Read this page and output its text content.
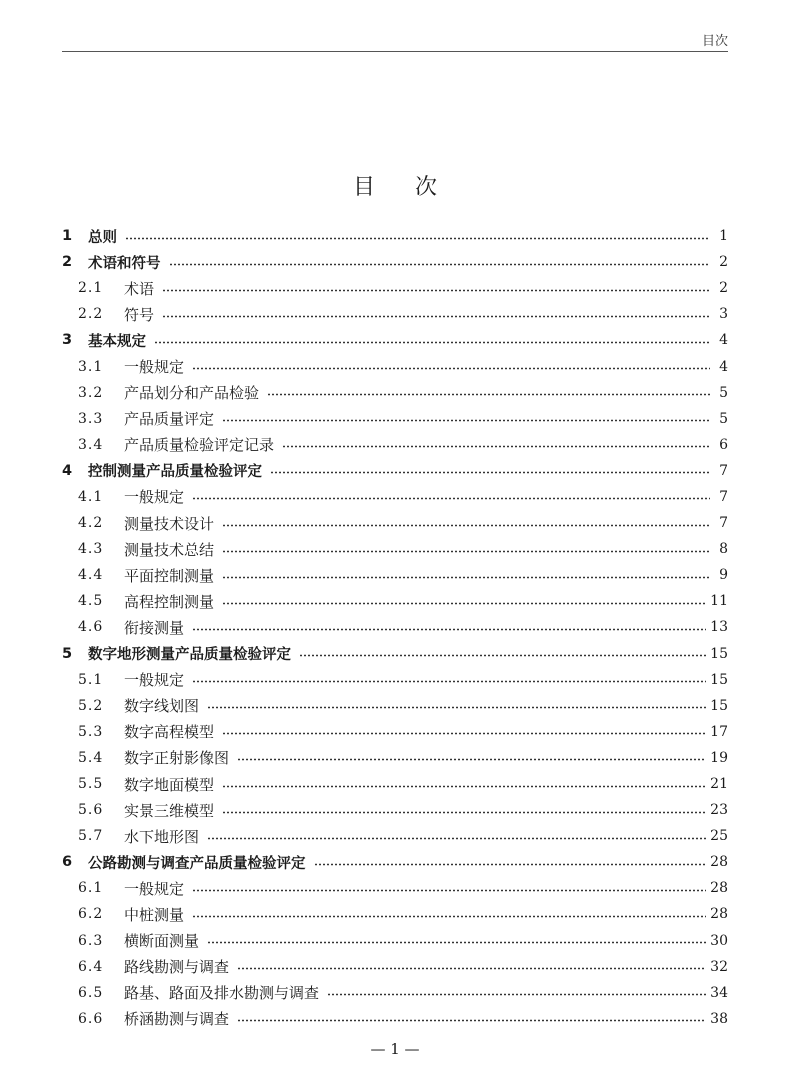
目次
目次
1	总则	1
2	术语和符号	2
2.1	术语	2
2.2	符号	3
3	基本规定	4
3.1	一般规定	4
3.2	产品划分和产品检验	5
3.3	产品质量评定	5
3.4	产品质量检验评定记录	6
4	控制测量产品质量检验评定	7
4.1	一般规定	7
4.2	测量技术设计	7
4.3	测量技术总结	8
4.4	平面控制测量	9
4.5	高程控制测量	11
4.6	衔接测量	13
5	数字地形测量产品质量检验评定	15
5.1	一般规定	15
5.2	数字线划图	15
5.3	数字高程模型	17
5.4	数字正射影像图	19
5.5	数字地面模型	21
5.6	实景三维模型	23
5.7	水下地形图	25
6	公路勘测与调查产品质量检验评定	28
6.1	一般规定	28
6.2	中桩测量	28
6.3	横断面测量	30
6.4	路线勘测与调查	32
6.5	路基、路面及排水勘测与调查	34
6.6	桥涵勘测与调查	38
— 1 —
